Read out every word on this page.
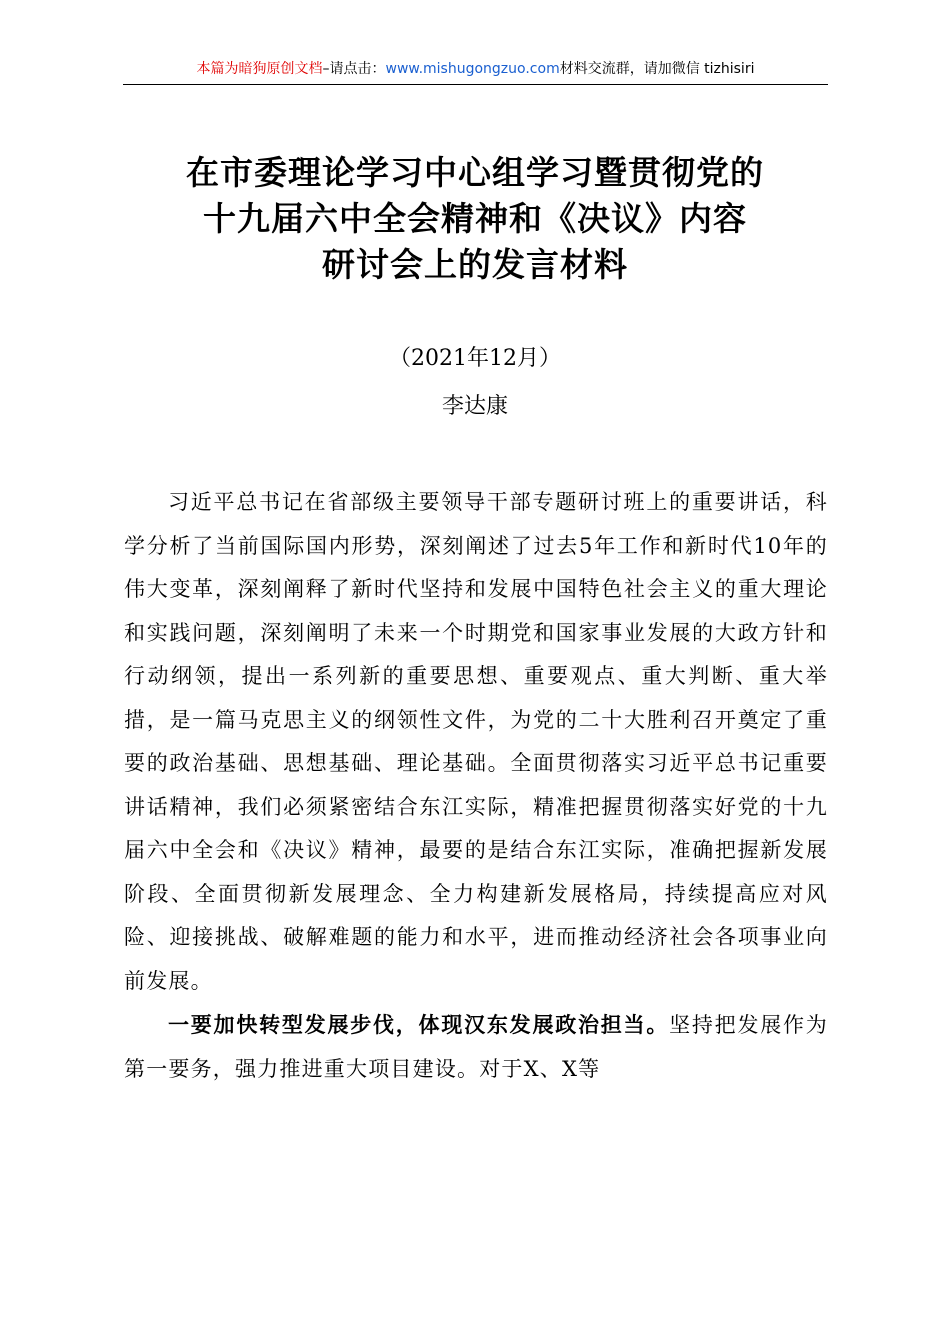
本篇为暗狗原创文档–请点击：www.mishugongzuo.com材料交流群，请加微信 tizhisiri
在市委理论学习中心组学习暨贯彻党的
十九届六中全会精神和《决议》内容
研讨会上的发言材料
（2021年12月）
李达康

习近平总书记在省部级主要领导干部专题研讨班上的重要讲话，科学分析了当前国际国内形势，深刻阐述了过去5年工作和新时代10年的伟大变革，深刻阐释了新时代坚持和发展中国特色社会主义的重大理论和实践问题，深刻阐明了未来一个时期党和国家事业发展的大政方针和行动纲领，提出一系列新的重要思想、重要观点、重大判断、重大举措，是一篇马克思主义的纲领性文件，为党的二十大胜利召开奠定了重要的政治基础、思想基础、理论基础。全面贯彻落实习近平总书记重要讲话精神，我们必须紧密结合东江实际，精准把握贯彻落实好党的十九届六中全会和《决议》精神，最要的是结合东江实际，准确把握新发展阶段、全面贯彻新发展理念、全力构建新发展格局，持续提高应对风险、迎接挑战、破解难题的能力和水平，进而推动经济社会各项事业向前发展。

一要加快转型发展步伐，体现汉东发展政治担当。坚持把发展作为第一要务，强力推进重大项目建设。对于X、X等
